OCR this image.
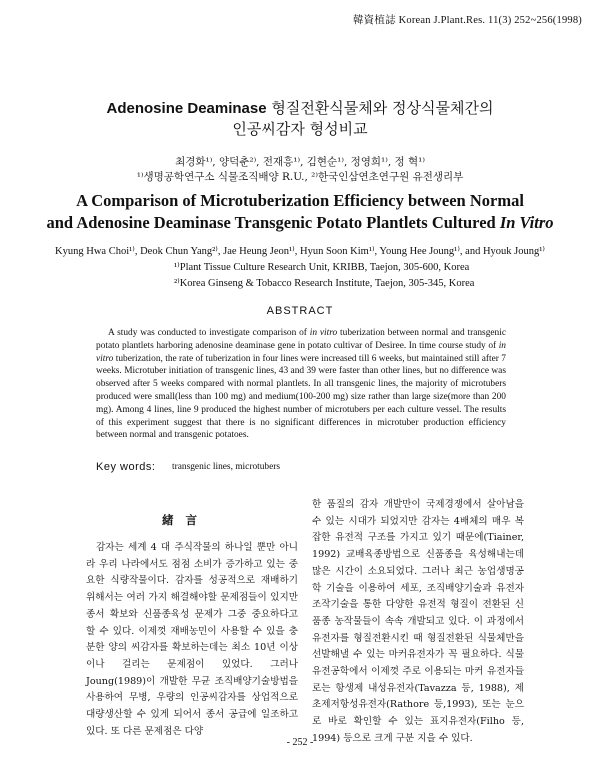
韓資植誌 Korean J.Plant.Res. 11(3) 252~256(1998)
Adenosine Deaminase 형질전환식물체와 정상식물체간의
인공씨감자 형성비교
최경화¹⁾, 양덕춘²⁾, 전재흥¹⁾, 김현순¹⁾, 정영희¹⁾, 정 혁¹⁾
¹⁾생명공학연구소 식물조직배양 R.U., ²⁾한국인삼연초연구원 유전생리부
A Comparison of Microtuberization Efficiency between Normal
and Adenosine Deaminase Transgenic Potato Plantlets Cultured In Vitro
Kyung Hwa Choi¹⁾, Deok Chun Yang²⁾, Jae Heung Jeon¹⁾, Hyun Soon Kim¹⁾, Young Hee Joung¹⁾, and Hyouk Joung¹⁾
¹⁾Plant Tissue Culture Research Unit, KRIBB, Taejon, 305-600, Korea
²⁾Korea Ginseng & Tobacco Research Institute, Taejon, 305-345, Korea
ABSTRACT
A study was conducted to investigate comparison of in vitro tuberization between normal and transgenic potato plantlets harboring adenosine deaminase gene in potato cultivar of Desiree. In time course study of in vitro tuberization, the rate of tuberization in four lines were increased till 6 weeks, but maintained still after 7 weeks. Microtuber initiation of transgenic lines, 43 and 39 were faster than other lines, but no difference was observed after 5 weeks compared with normal plantlets. In all transgenic lines, the majority of microtubers produced were small(less than 100 mg) and medium(100-200 mg) size rather than large size(more than 200 mg). Among 4 lines, line 9 produced the highest number of microtubers per each culture vessel. The results of this experiment suggest that there is no significant differences in microtuber production efficiency between normal and transgenic potatoes.
Key words: transgenic lines, microtubers
緒 言

감자는 세계 4 대 주식작물의 하나일 뿐만 아니라 우리 나라에서도 점점 소비가 증가하고 있는 중요한 식량작물이다. 감자를 성공적으로 재배하기 위해서는 여러 가지 해결해야할 문제점들이 있지만 종서 확보와 신품종육성 문제가 그중 중요하다고 할 수 있다. 이제껏 재배농민이 사용할 수 있을 충분한 양의 씨감자를 확보하는데는 최소 10년 이상이나 걸리는 문제점이 있었다. 그러나 Joung(1989)이 개발한 무균 조직배양기술방법을 사용하여 무병, 우량의 인공씨감자를 상업적으로 대량생산할 수 있게 되어서 종서 공급에 일조하고 있다. 또 다른 문제점은 다양

한 품질의 감자 개발만이 국제경쟁에서 살아남을 수 있는 시대가 되었지만 감자는 4배체의 매우 복잡한 유전적 구조를 가지고 있기 때문에(Tiainer, 1992) 교배육종방법으로 신품종을 육성해내는데 많은 시간이 소요되었다. 그러나 최근 농업생명공학 기술을 이용하여 세포, 조직배양기술과 유전자 조작기술을 통한 다양한 유전적 형질이 전환된 신품종 농작물들이 속속 개발되고 있다. 이 과정에서 유전자를 형질전환시킨 때 형질전환된 식물체만을 선발해낼 수 있는 마커유전자가 꼭 필요하다. 식물유전공학에서 이제껏 주로 이용되는 마커 유전자들로는 항생제 내성유전자(Tavazza 등, 1988), 제초제저항성유전자(Rathore 등,1993), 또는 눈으로 바로 확인할 수 있는 표지유전자(Filho 등, 1994) 등으로 크게 구분 지을 수 있다.

- 252 -
